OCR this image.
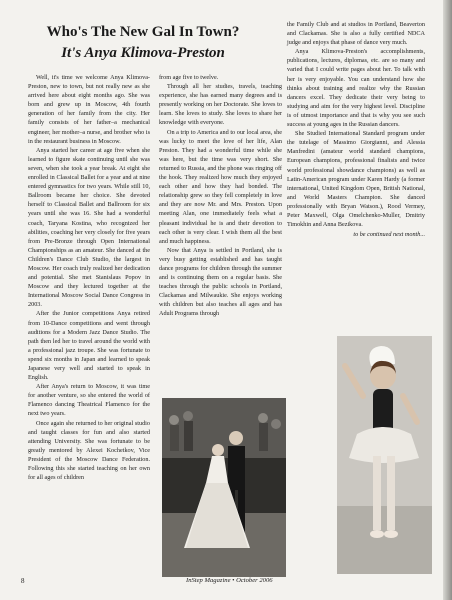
Who's The New Gal In Town?
It's Anya Klimova-Preston

Well, it's time we welcome Anya Klimova-Preston, new to town, but not really new as she arrived here about eight months ago. She was born and grew up in Moscow, 4th fourth generation of her family from the city. Her family consists of her father–a mechanical engineer, her mother–a nurse, and brother who is in the restaurant business in Moscow.

Anya started her career at age five when she learned to figure skate continuing until she was seven, when she took a year break. At eight she enrolled in Classical Ballet for a year and at nine entered gymnastics for two years. While still 10, Ballroom became her choice. She devoted herself to Classical Ballet and Ballroom for six years until she was 16. She had a wonderful coach, Taryana Kostina, who recognized her abilities, coaching her very closely for five years from Pre-Bronze through Open International Championships as an amateur. She danced at the Children's Dance Club Studio, the largest in Moscow. Her coach truly realized her dedication and potential. She met Stanislaus Popov in Moscow and they lectured together at the International Moscow Social Dance Congress in 2003.

After the Junior competitions Anya retired from 10-Dance competitions and went through auditions for a Modern Jazz Dance Studio. The path then led her to travel around the world with a professional jazz troupe. She was fortunate to spend six months in Japan and learned to speak Japanese very well and started to speak in English.

After Anya's return to Moscow, it was time for another venture, so she entered the world of Flamenco dancing Theatrical Flamenco for the next two years.

Once again she returned to her original studio and taught classes for fun and also started attending University. She was fortunate to be greatly mentored by Alexei Kochetkov, Vice President of the Moscow Dance Federation. Following this she started teaching on her own for all ages of children

from age five to twelve.

Through all her studies, travels, teaching experience, she has earned many degrees and is presently working on her Doctorate. She loves to learn. She loves to study. She loves to share her knowledge with everyone.

On a trip to America and to our local area, she was lucky to meet the love of her life, Alan Preston. They had a wonderful time while she was here, but the time was very short. She returned to Russia, and the phone was ringing off the hook. They realized how much they enjoyed each other and how they had bonded. The relationship grew so they fell completely in love and they are now Mr. and Mrs. Preston. Upon meeting Alan, one immediately feels what a pleasant individual he is and their devotion to each other is very clear. I wish them all the best and much happiness.

Now that Anya is settled in Portland, she is very busy getting established and has taught dance programs for children through the summer and is continuing them on a regular basis. She teaches through the public schools in Portland, Clackamas and Milwaukie. She enjoys working with children but also teaches all ages and has Adult Programs through

the Family Club and at studios in Portland, Beaverton and Clackamas. She is also a fully certified NDCA judge and enjoys that phase of dance very much.

Anya Klimova-Preston's accomplishments, publications, lectures, diplomas, etc. are so many and varied that I could write pages about her. To talk with her is very enjoyable. You can understand how she thinks about training and realize why the Russian dancers excel. They dedicate their very being to studying and aim for the very highest level. Discipline is of utmost importance and that is why you see such success at young ages in the Russian dancers.

She Studied International Standard program under the tutelage of Massimo Giorgianni, and Alessia Manfredini (amateur world standard champions, European champions, professional finalists and twice world professional showdance champions) as well as Latin-American program under Karen Hardy (a former international, United Kingdom Open, British National, and World Masters Champion. She danced professionally with Bryan Watson.), Rood Vermey, Peter Maxwell, Olga Omelchenko-Muller, Dmitriy Timokhin and Anna Bezikova.

to be continued next month...
8	InStep Magazine • October 2006
